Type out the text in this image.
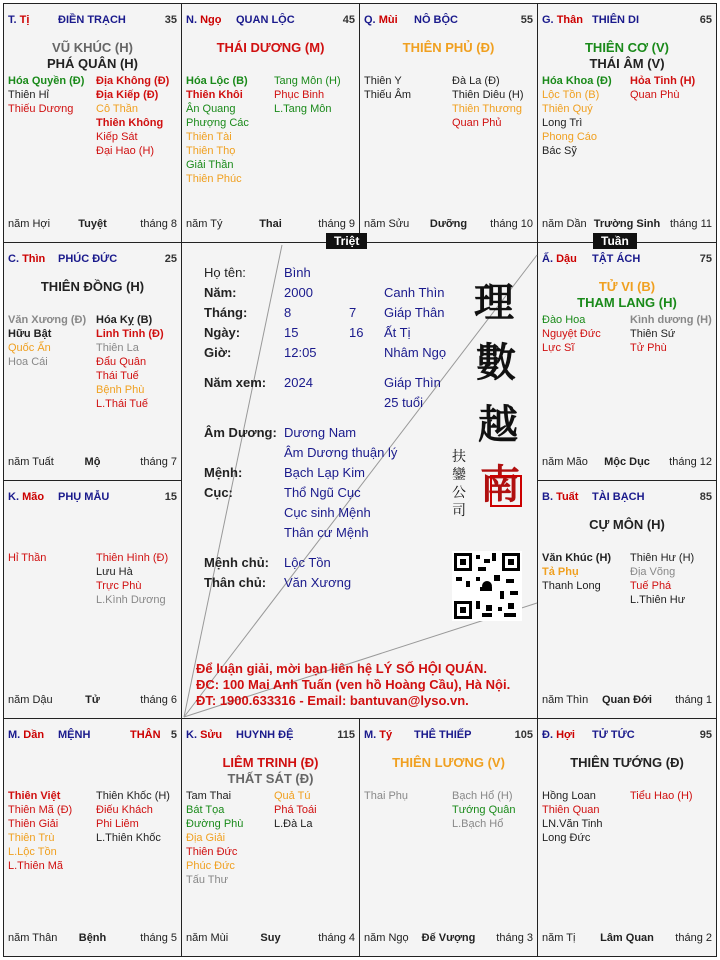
T. Tị	ĐIỀN TRẠCH	35
VŨ KHÚC (H)
PHÁ QUÂN (H)
Hóa Quyền (Đ)
Thiên Hỉ
Thiếu Dương
Địa Không (Đ)
Địa Kiếp (Đ)
Cô Thần
Thiên Không
Kiếp Sát
Đại Hao (H)
năm Hợi	Tuyệt	tháng 8
N. Ngọ QUAN LỘC	45
THÁI DƯƠNG (M)
Hóa Lộc (B)
Thiên Khôi
Ân Quang
Phượng Các
Thiên Tài
Thiên Thọ
Giải Thần
Thiên Phúc
Tang Môn (H)
Phục Binh
L.Tang Môn
năm Tý	Thai	tháng 9
Q. Mùi NÔ BỘC	55
THIÊN PHỦ (Đ)
Thiên Y
Thiếu Âm
Đà La (Đ)
Thiên Diêu (H)
Thiên Thương
Quan Phủ
năm Sửu	Dưỡng	tháng 10
G. Thân THIÊN DI	65
THIÊN CƠ (V)
THÁI ÂM (V)
Hóa Khoa (Đ)
Lộc Tồn (B)
Thiên Quý
Long Trì
Phong Cáo
Bác Sỹ
Hỏa Tinh (H)
Quan Phù
năm Dần Trường Sinh tháng 11
C. Thìn PHÚC ĐỨC	25
THIÊN ĐỒNG (H)
Văn Xương (Đ)
Hữu Bật
Quốc Ấn
Hoa Cái
Hóa Kỵ (B)
Linh Tinh (Đ)
Thiên La
Đẩu Quân
Thái Tuế
Bệnh Phù
L.Thái Tuế
năm Tuất	Mộ	tháng 7
Ấ. Dậu TẬT ÁCH	75
TỬ VI (B)
THAM LANG (H)
Đào Hoa
Nguyệt Đức
Lực Sĩ
Kình dương (H)
Thiên Sứ
Tử Phù
năm Mão	Mộc Dục	tháng 12
K. Mão PHỤ MẪU	15
Hỉ Thần	Thiên Hình (Đ)
Lưu Hà
Trực Phù
L.Kình Dương
năm Dậu	Tử	tháng 6
B. Tuất TÀI BẠCH	85
CỰ MÔN (H)
Văn Khúc (H)
Tả Phụ
Thanh Long
Thiên Hư (H)
Địa Võng
Tuế Phá
L.Thiên Hư
năm Thìn	Quan Đới	tháng 1
M. Dần MỆNH	THÂN 5
Thiên Việt
Thiên Mã (Đ)
Thiên Giải
Thiên Trù
L.Lộc Tồn
L.Thiên Mã
Thiên Khốc (H)
Điếu Khách
Phi Liêm
L.Thiên Khốc
năm Thân	Bệnh	tháng 5
K. Sửu HUYNH ĐỆ	115
LIÊM TRINH (Đ)
THẤT SÁT (Đ)
Tam Thai
Bát Tọa
Đường Phù
Địa Giải
Thiên Đức
Phúc Đức
Tấu Thư
Quả Tú
Phá Toái
L.Đà La
năm Mùi	Suy	tháng 4
M. Tý THÊ THIẾP	105
THIÊN LƯƠNG (V)
Thai Phụ	Bạch Hổ (H)
Tướng Quân
L.Bạch Hổ
năm Ngọ	Đế Vượng	tháng 3
Đ. Hợi TỬ TỨC	95
THIÊN TƯỚNG (Đ)
Hồng Loan
Thiên Quan
LN.Văn Tinh
Long Đức
Tiểu Hao (H)
năm Tị	Lâm Quan	tháng 2
Họ tên:	Bình
Năm:	2000	Canh Thìn
Tháng:	8	7 Giáp Thân
Ngày:	15	16 Ất Tị
Giờ:	12:05	Nhâm Ngọ
Năm xem: 2024	Giáp Thìn
25 tuổi
Âm Dương: Dương Nam
Âm Dương thuận lý
Mệnh:	Bạch Lạp Kim
Cục:	Thổ Ngũ Cục
Cục sinh Mệnh
Thân cư Mệnh
Mệnh chủ: Lộc Tồn
Thân chủ: Văn Xương
理
數
越
南
扶鑾公司
Để luận giải, mời bạn liên hệ LÝ SỐ HỘI QUÁN.
ĐC: 100 Mai Anh Tuấn (ven hồ Hoàng Cầu), Hà Nội.
ĐT: 1900.633316 - Email: bantuvan@lyso.vn.
Triệt	Tuần
